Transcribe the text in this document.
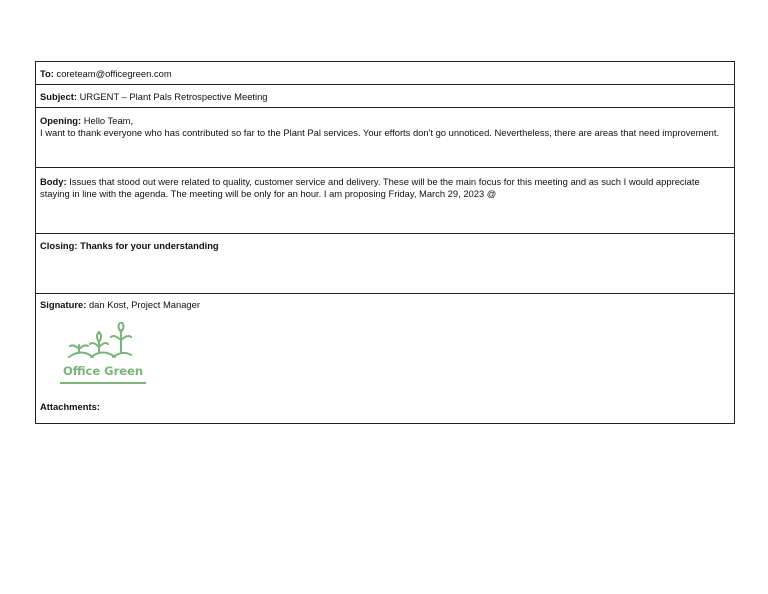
To: coreteam@officegreen.com
Subject: URGENT – Plant Pals Retrospective Meeting
Opening: Hello Team,
I want to thank everyone who has contributed so far to the Plant Pal services. Your efforts don't go unnoticed. Nevertheless, there are areas that need improvement.
Body: Issues that stood out were related to quality, customer service and delivery. These will be the main focus for this meeting and as such I would appreciate staying in line with the agenda. The meeting will be only for an hour. I am proposing Friday, March 29, 2023 @
Closing: Thanks for your understanding
Signature: dan Kost, Project Manager
Office Green
Attachments:
